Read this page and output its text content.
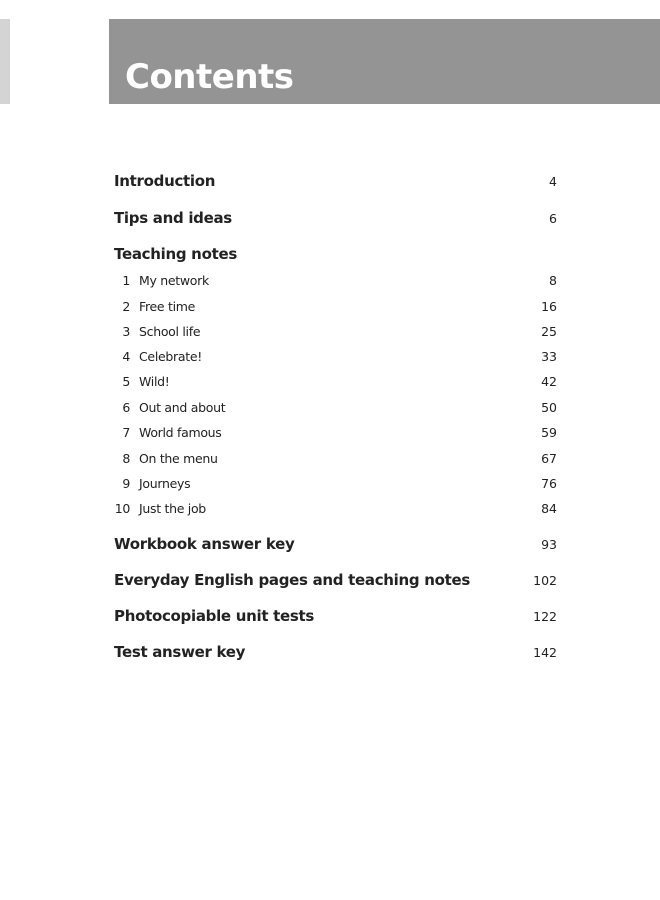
Contents
Introduction	4
Tips and ideas	6
Teaching notes
1 My network	8
2 Free time	16
3 School life	25
4 Celebrate!	33
5 Wild!	42
6 Out and about	50
7 World famous	59
8 On the menu	67
9 Journeys	76
10 Just the job	84
Workbook answer key	93
Everyday English pages and teaching notes	102
Photocopiable unit tests	122
Test answer key	142
